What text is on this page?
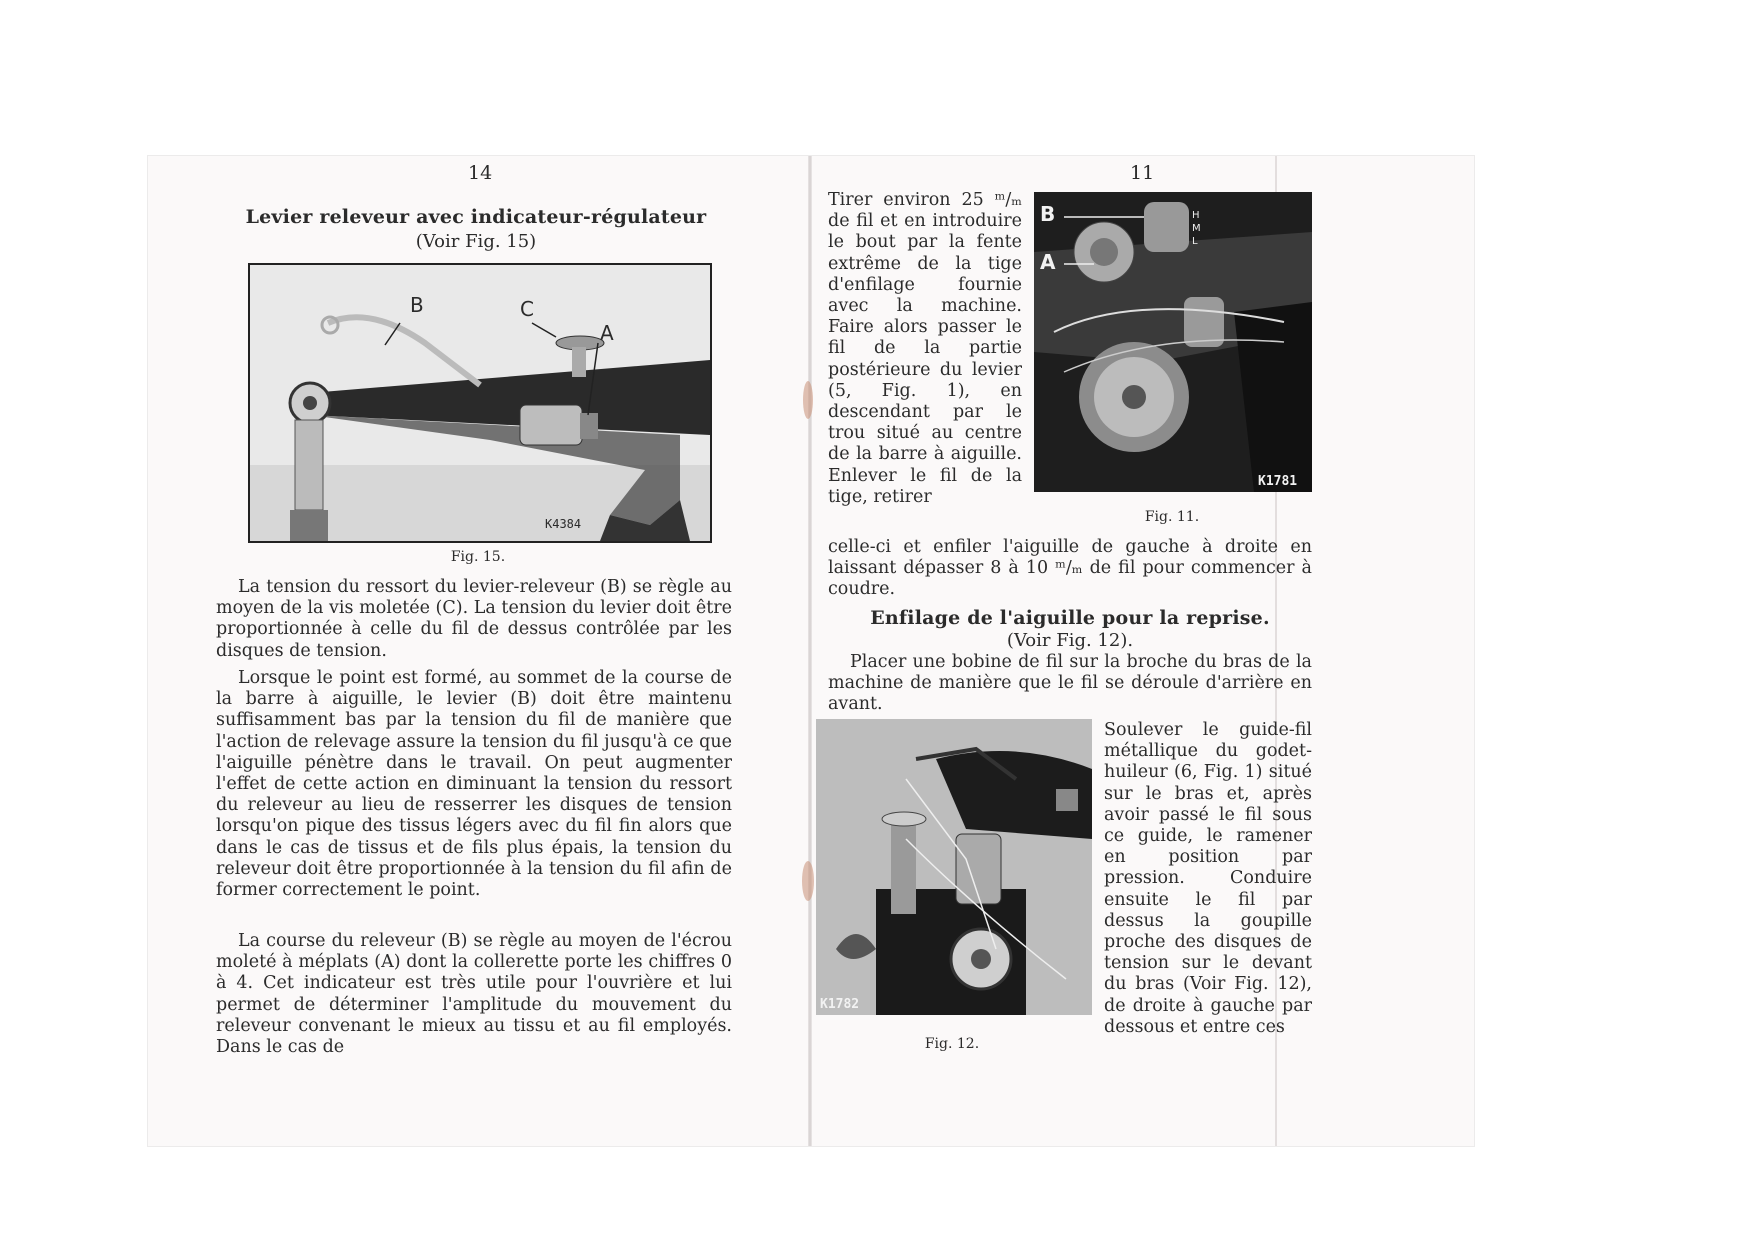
14
Levier releveur avec indicateur-régulateur
(Voir Fig. 15)
B	C
A
K4384
Fig. 15.

La tension du ressort du levier-releveur (B) se règle au moyen de la vis moletée (C). La tension du levier doit être proportionnée à celle du fil de dessus contrôlée par les disques de tension.

Lorsque le point est formé, au sommet de la course de la barre à aiguille, le levier (B) doit être maintenu suffisamment bas par la tension du fil de manière que l'action de relevage assure la tension du fil jusqu'à ce que l'aiguille pénètre dans le travail. On peut augmenter l'effet de cette action en diminuant la tension du ressort du releveur au lieu de resserrer les disques de tension lorsqu'on pique des tissus légers avec du fil fin alors que dans le cas de tissus et de fils plus épais, la tension du releveur doit être proportionnée à la tension du fil afin de former correctement le point.

La course du releveur (B) se règle au moyen de l'écrou moleté à méplats (A) dont la collerette porte les chiffres 0 à 4. Cet indicateur est très utile pour l'ouvrière et lui permet de déterminer l'amplitude du mouvement du releveur convenant le mieux au tissu et au fil employés. Dans le cas de

11

Tirer environ 25 ᵐ/ₘ de fil et en introduire le bout par la fente extrême de la tige d'enfilage fournie avec la machine. Faire alors passer le fil de la partie postérieure du levier (5, Fig. 1), en descendant par le trou situé au centre de la barre à aiguille. Enlever le fil de la tige, retirer

B
A
H
M
L
K1781
Fig. 11.

celle-ci et enfiler l'aiguille de gauche à droite en laissant dépasser 8 à 10 ᵐ/ₘ de fil pour commencer à coudre.

Enfilage de l'aiguille pour la reprise.
(Voir Fig. 12).

Placer une bobine de fil sur la broche du bras de la machine de manière que le fil se déroule d'arrière en avant.

K1782
Fig. 12.

Soulever le guide-fil métallique du godet-huileur (6, Fig. 1) situé sur le bras et, après avoir passé le fil sous ce guide, le ramener en position par pression. Conduire ensuite le fil par dessus la goupille proche des disques de tension sur le devant du bras (Voir Fig. 12), de droite à gauche par dessous et entre ces
